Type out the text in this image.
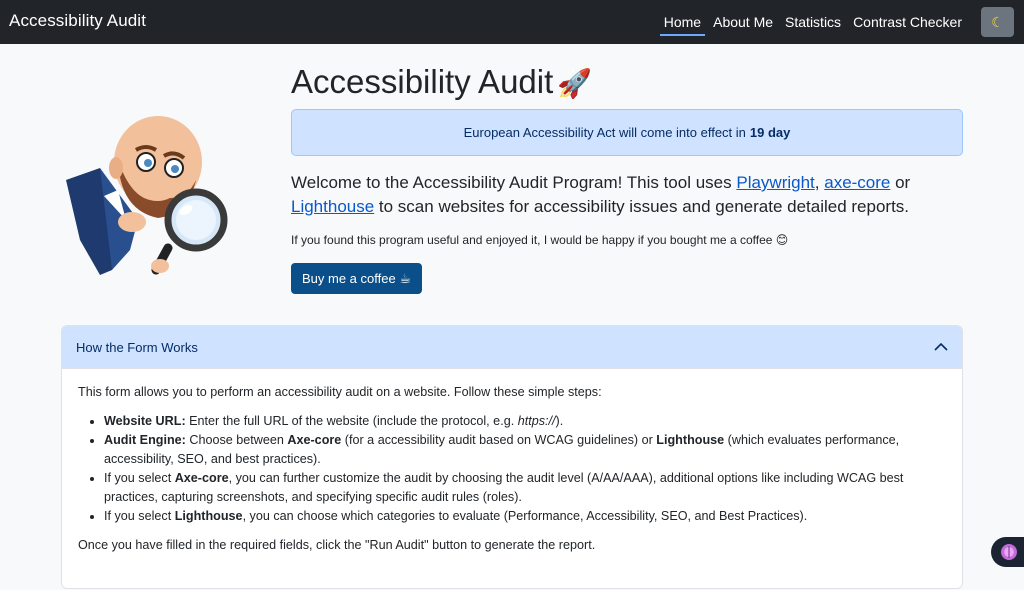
Accessibility Audit	Home About Me Statistics Contrast Checker	☾
Accessibility Audit 🚀
European Accessibility Act will come into effect in 19 day
Welcome to the Accessibility Audit Program! This tool uses Playwright, axe-core or
Lighthouse to scan websites for accessibility issues and generate detailed reports.
If you found this program useful and enjoyed it, I would be happy if you bought me a coffee 😊
Buy me a coffee ☕
How the Form Works

This form allows you to perform an accessibility audit on a website. Follow these simple steps:

• Website URL: Enter the full URL of the website (include the protocol, e.g. https://).
• Audit Engine: Choose between Axe-core (for a accessibility audit based on WCAG guidelines) or Lighthouse (which evaluates performance, accessibility, SEO, and best practices).
• If you select Axe-core, you can further customize the audit by choosing the audit level (A/AA/AAA), additional options like including WCAG best practices, capturing screenshots, and specifying specific audit rules (roles).
• If you select Lighthouse, you can choose which categories to evaluate (Performance, Accessibility, SEO, and Best Practices).

Once you have filled in the required fields, click the "Run Audit" button to generate the report.
